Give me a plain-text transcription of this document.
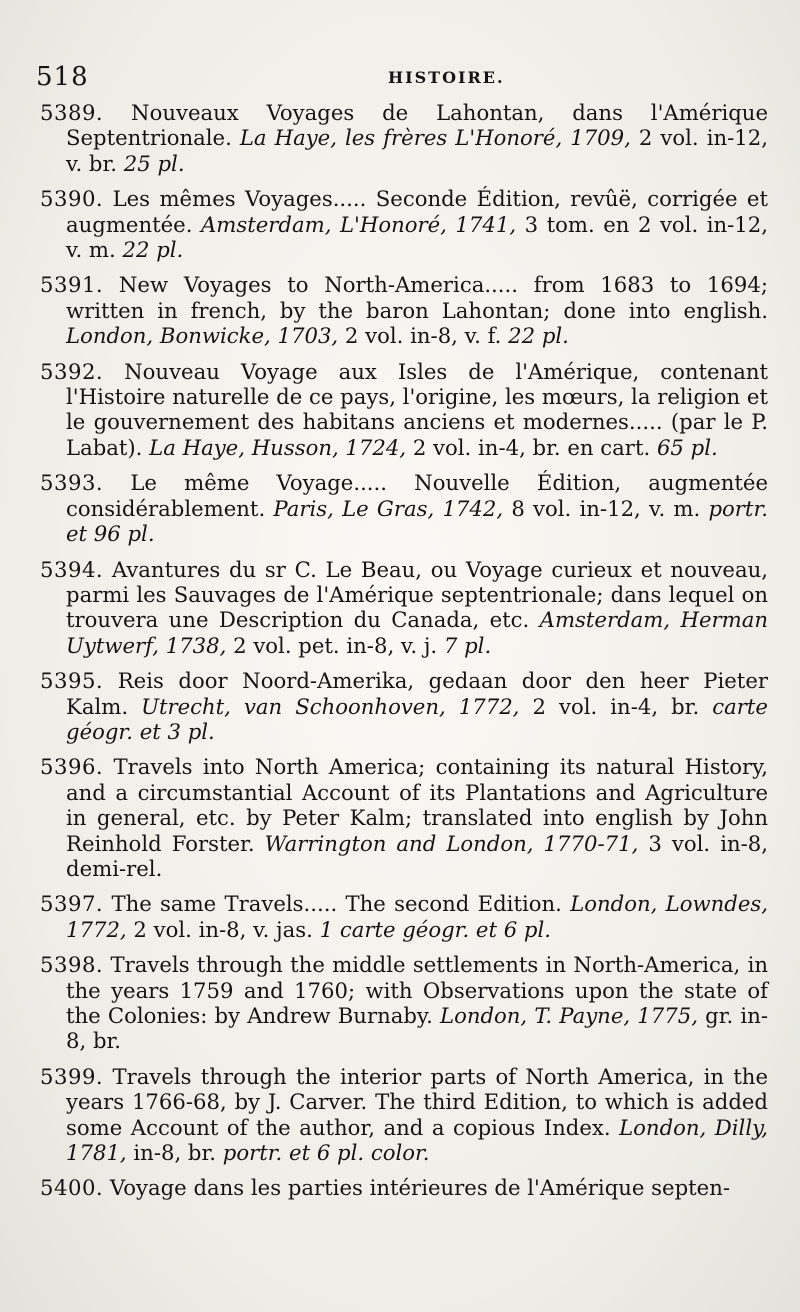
518	HISTOIRE.

5389. Nouveaux Voyages de Lahontan, dans l'Amérique Septentrionale. La Haye, les frères L'Honoré, 1709, 2 vol. in-12, v. br. 25 pl.

5390. Les mêmes Voyages..... Seconde Édition, revûë, corrigée et augmentée. Amsterdam, L'Honoré, 1741, 3 tom. en 2 vol. in-12, v. m. 22 pl.

5391. New Voyages to North-America..... from 1683 to 1694; written in french, by the baron Lahontan; done into english. London, Bonwicke, 1703, 2 vol. in-8, v. f. 22 pl.

5392. Nouveau Voyage aux Isles de l'Amérique, contenant l'Histoire naturelle de ce pays, l'origine, les mœurs, la religion et le gouvernement des habitans anciens et modernes..... (par le P. Labat). La Haye, Husson, 1724, 2 vol. in-4, br. en cart. 65 pl.

5393. Le même Voyage..... Nouvelle Édition, augmentée considérablement. Paris, Le Gras, 1742, 8 vol. in-12, v. m. portr. et 96 pl.

5394. Avantures du sr C. Le Beau, ou Voyage curieux et nouveau, parmi les Sauvages de l'Amérique septentrionale; dans lequel on trouvera une Description du Canada, etc. Amsterdam, Herman Uytwerf, 1738, 2 vol. pet. in-8, v. j. 7 pl.

5395. Reis door Noord-Amerika, gedaan door den heer Pieter Kalm. Utrecht, van Schoonhoven, 1772, 2 vol. in-4, br. carte géogr. et 3 pl.

5396. Travels into North America; containing its natural History, and a circumstantial Account of its Plantations and Agriculture in general, etc. by Peter Kalm; translated into english by John Reinhold Forster. Warrington and London, 1770-71, 3 vol. in-8, demi-rel.

5397. The same Travels..... The second Edition. London, Lowndes, 1772, 2 vol. in-8, v. jas. 1 carte géogr. et 6 pl.

5398. Travels through the middle settlements in North-America, in the years 1759 and 1760; with Observations upon the state of the Colonies: by Andrew Burnaby. London, T. Payne, 1775, gr. in-8, br.

5399. Travels through the interior parts of North America, in the years 1766-68, by J. Carver. The third Edition, to which is added some Account of the author, and a copious Index. London, Dilly, 1781, in-8, br. portr. et 6 pl. color.

5400. Voyage dans les parties intérieures de l'Amérique septen-
